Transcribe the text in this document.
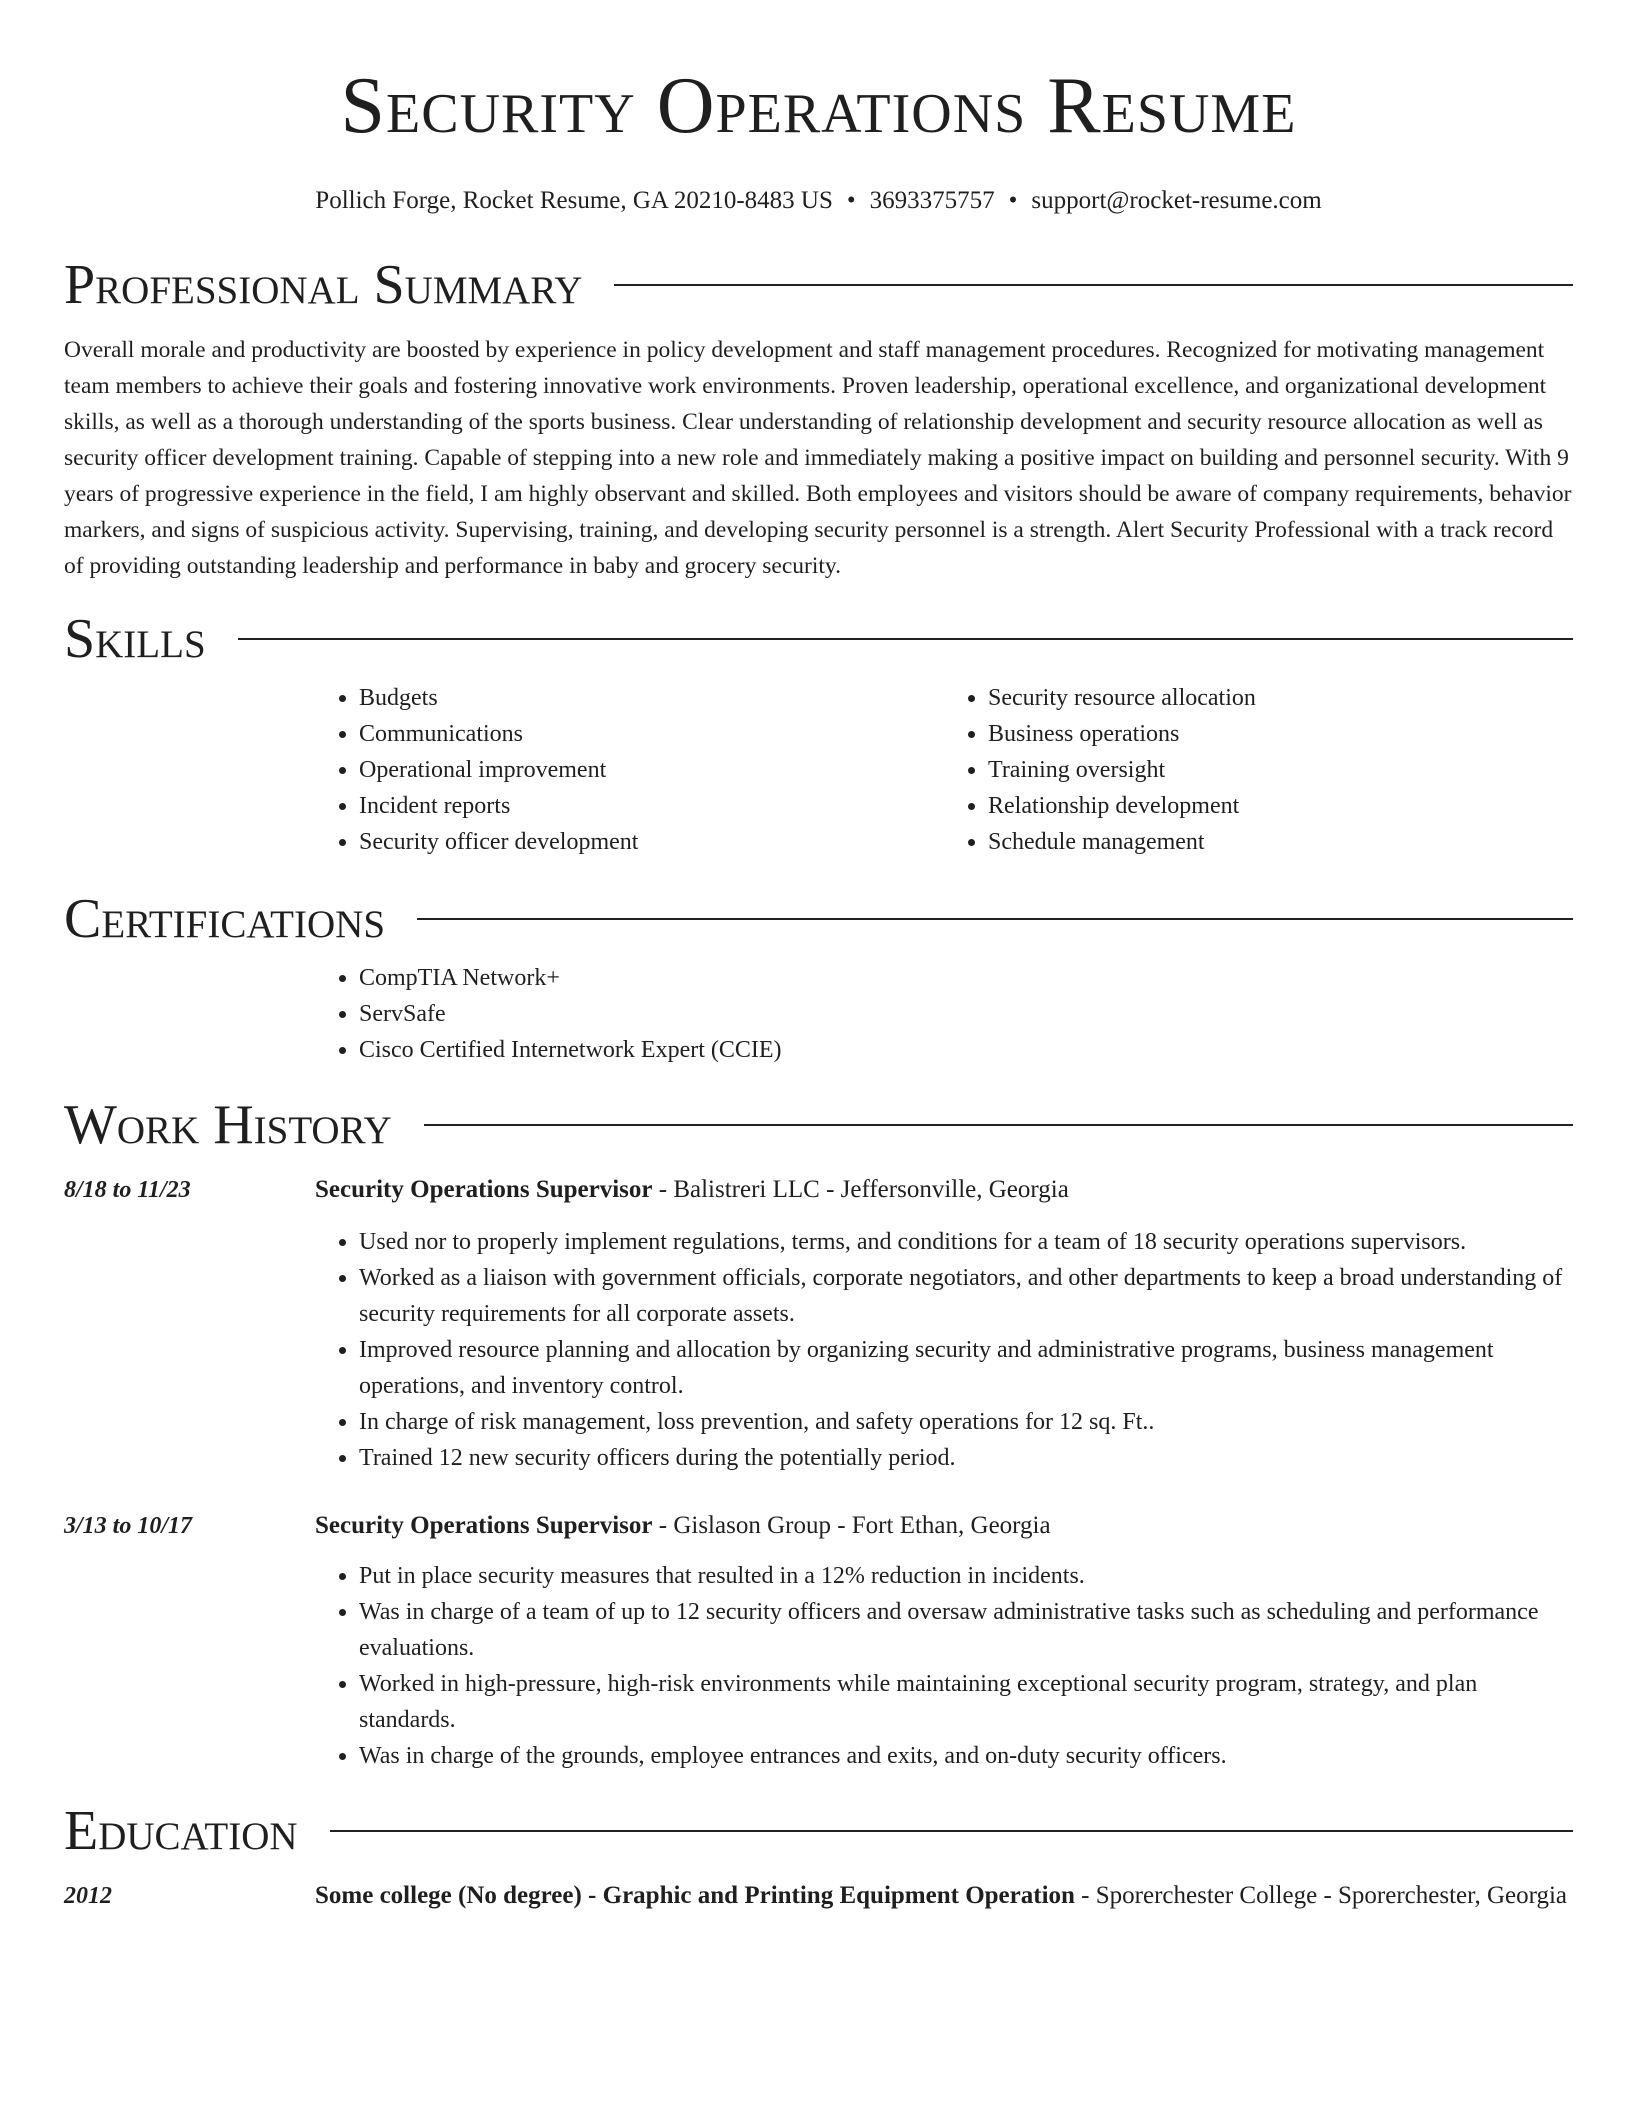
Security Operations Resume
Pollich Forge, Rocket Resume, GA 20210-8483 US • 3693375757 • support@rocket-resume.com
Professional Summary

Overall morale and productivity are boosted by experience in policy development and staff management procedures. Recognized for motivating management team members to achieve their goals and fostering innovative work environments. Proven leadership, operational excellence, and organizational development skills, as well as a thorough understanding of the sports business. Clear understanding of relationship development and security resource allocation as well as security officer development training. Capable of stepping into a new role and immediately making a positive impact on building and personnel security. With 9 years of progressive experience in the field, I am highly observant and skilled. Both employees and visitors should be aware of company requirements, behavior markers, and signs of suspicious activity. Supervising, training, and developing security personnel is a strength. Alert Security Professional with a track record of providing outstanding leadership and performance in baby and grocery security.

Skills
• Budgets
• Communications
• Operational improvement
• Incident reports
• Security officer development
• Security resource allocation
• Business operations
• Training oversight
• Relationship development
• Schedule management
Certifications
• CompTIA Network+
• ServSafe
• Cisco Certified Internetwork Expert (CCIE)
Work History
8/18 to 11/23	Security Operations Supervisor - Balistreri LLC - Jeffersonville, Georgia
• Used nor to properly implement regulations, terms, and conditions for a team of 18 security operations supervisors.
• Worked as a liaison with government officials, corporate negotiators, and other departments to keep a broad understanding of security requirements for all corporate assets.
• Improved resource planning and allocation by organizing security and administrative programs, business management operations, and inventory control.
• In charge of risk management, loss prevention, and safety operations for 12 sq. Ft..
• Trained 12 new security officers during the potentially period.
3/13 to 10/17	Security Operations Supervisor - Gislason Group - Fort Ethan, Georgia
• Put in place security measures that resulted in a 12% reduction in incidents.
• Was in charge of a team of up to 12 security officers and oversaw administrative tasks such as scheduling and performance evaluations.
• Worked in high-pressure, high-risk environments while maintaining exceptional security program, strategy, and plan standards.
• Was in charge of the grounds, employee entrances and exits, and on-duty security officers.
Education
2012	Some college (No degree) - Graphic and Printing Equipment Operation - Sporerchester College - Sporerchester, Georgia
